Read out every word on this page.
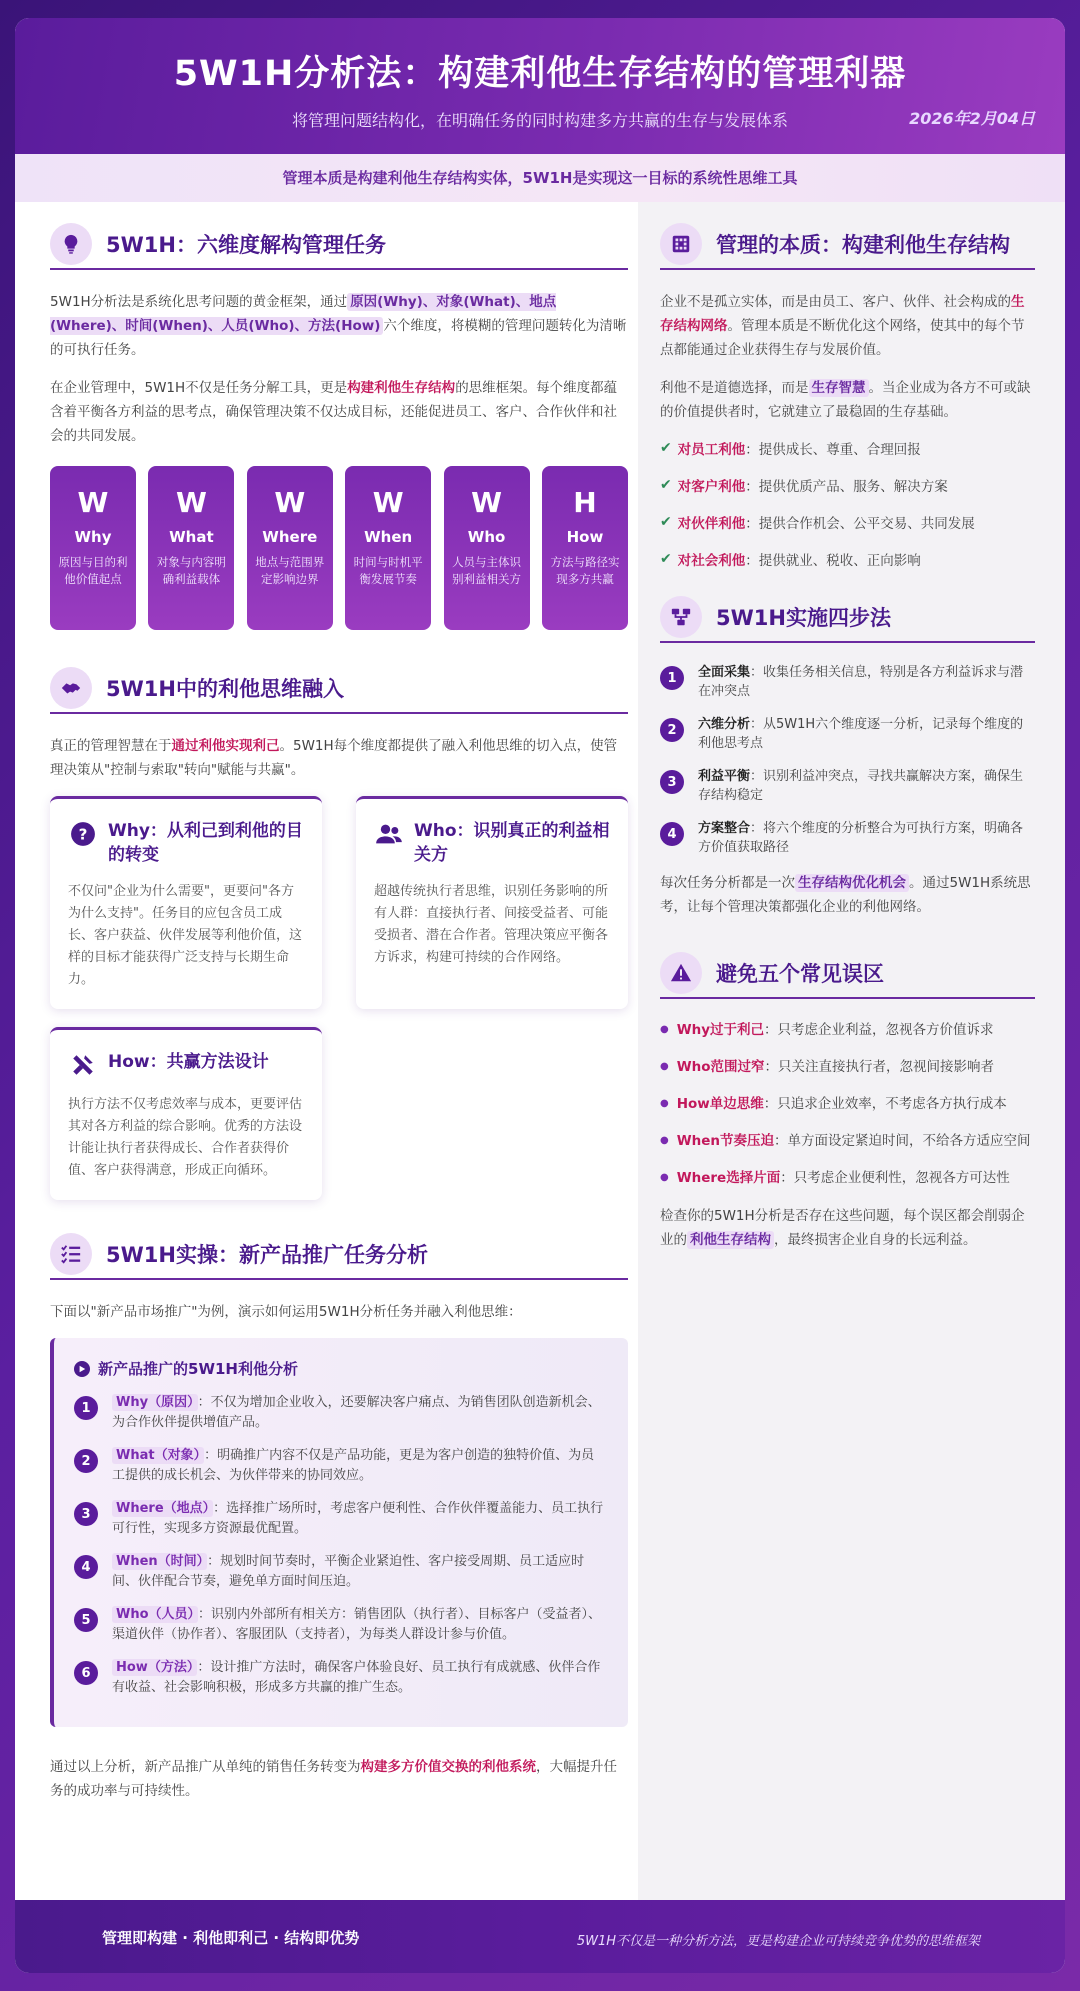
5W1H分析法：构建利他生存结构的管理利器
将管理问题结构化，在明确任务的同时构建多方共赢的生存与发展体系	2026年2月04日
管理本质是构建利他生存结构实体，5W1H是实现这一目标的系统性思维工具
5W1H：六维度解构管理任务

5W1H分析法是系统化思考问题的黄金框架，通过 原因(Why)、对象(What)、地点(Where)、时间(When)、人员(Who)、方法(How) 六个维度，将模糊的管理问题转化为清晰的可执行任务。

在企业管理中，5W1H不仅是任务分解工具，更是构建利他生存结构的思维框架。每个维度都蕴含着平衡各方利益的思考点，确保管理决策不仅达成目标，还能促进员工、客户、合作伙伴和社会的共同发展。

W
Why
原因与目的利他价值起点
W
What
对象与内容明确利益载体
W
Where
地点与范围界定影响边界
W
When
时间与时机平衡发展节奏
W
Who
人员与主体识别利益相关方
H
How
方法与路径实现多方共赢
5W1H中的利他思维融入

真正的管理智慧在于通过利他实现利己。5W1H每个维度都提供了融入利他思维的切入点，使管理决策从"控制与索取"转向"赋能与共赢"。

? Why：从利己到利他的目的转变

不仅问"企业为什么需要"，更要问"各方为什么支持"。任务目的应包含员工成长、客户获益、伙伴发展等利他价值，这样的目标才能获得广泛支持与长期生命力。

Who：识别真正的利益相关方

超越传统执行者思维，识别任务影响的所有人群：直接执行者、间接受益者、可能受损者、潜在合作者。管理决策应平衡各方诉求，构建可持续的合作网络。

How：共赢方法设计

执行方法不仅考虑效率与成本，更要评估其对各方利益的综合影响。优秀的方法设计能让执行者获得成长、合作者获得价值、客户获得满意，形成正向循环。

5W1H实操：新产品推广任务分析

下面以"新产品市场推广"为例，演示如何运用5W1H分析任务并融入利他思维：

新产品推广的5W1H利他分析
1	Why（原因） ：不仅为增加企业收入，还要解决客户痛点、为销售团队创造新机会、为合作伙伴提供增值产品。
2	What（对象） ：明确推广内容不仅是产品功能，更是为客户创造的独特价值、为员工提供的成长机会、为伙伴带来的协同效应。
3	Where（地点） ：选择推广场所时，考虑客户便利性、合作伙伴覆盖能力、员工执行可行性，实现多方资源最优配置。
4	When（时间） ：规划时间节奏时，平衡企业紧迫性、客户接受周期、员工适应时间、伙伴配合节奏，避免单方面时间压迫。
5	Who（人员） ：识别内外部所有相关方：销售团队（执行者）、目标客户（受益者）、渠道伙伴（协作者）、客服团队（支持者），为每类人群设计参与价值。
6	How（方法） ：设计推广方法时，确保客户体验良好、员工执行有成就感、伙伴合作有收益、社会影响积极，形成多方共赢的推广生态。

通过以上分析，新产品推广从单纯的销售任务转变为构建多方价值交换的利他系统，大幅提升任务的成功率与可持续性。

管理的本质：构建利他生存结构

企业不是孤立实体，而是由员工、客户、伙伴、社会构成的生存结构网络。管理本质是不断优化这个网络，使其中的每个节点都能通过企业获得生存与发展价值。

利他不是道德选择，而是 生存智慧 。当企业成为各方不可或缺的价值提供者时，它就建立了最稳固的生存基础。

✔ 对员工利他 ：提供成长、尊重、合理回报
✔ 对客户利他 ：提供优质产品、服务、解决方案
✔ 对伙伴利他 ：提供合作机会、公平交易、共同发展
✔ 对社会利他 ：提供就业、税收、正向影响
5W1H实施四步法
1	全面采集：收集任务相关信息，特别是各方利益诉求与潜在冲突点
2	六维分析：从5W1H六个维度逐一分析，记录每个维度的利他思考点
3	利益平衡：识别利益冲突点，寻找共赢解决方案，确保生存结构稳定
4	方案整合：将六个维度的分析整合为可执行方案，明确各方价值获取路径

每次任务分析都是一次 生存结构优化机会 。通过5W1H系统思考，让每个管理决策都强化企业的利他网络。

避免五个常见误区
● Why过于利己：只考虑企业利益，忽视各方价值诉求
● Who范围过窄：只关注直接执行者，忽视间接影响者
● How单边思维：只追求企业效率，不考虑各方执行成本
● When节奏压迫：单方面设定紧迫时间，不给各方适应空间
● Where选择片面：只考虑企业便利性，忽视各方可达性

检查你的5W1H分析是否存在这些问题，每个误区都会削弱企业的 利他生存结构 ，最终损害企业自身的长远利益。

管理即构建 · 利他即利己 · 结构即优势	5W1H不仅是一种分析方法，更是构建企业可持续竞争优势的思维框架
